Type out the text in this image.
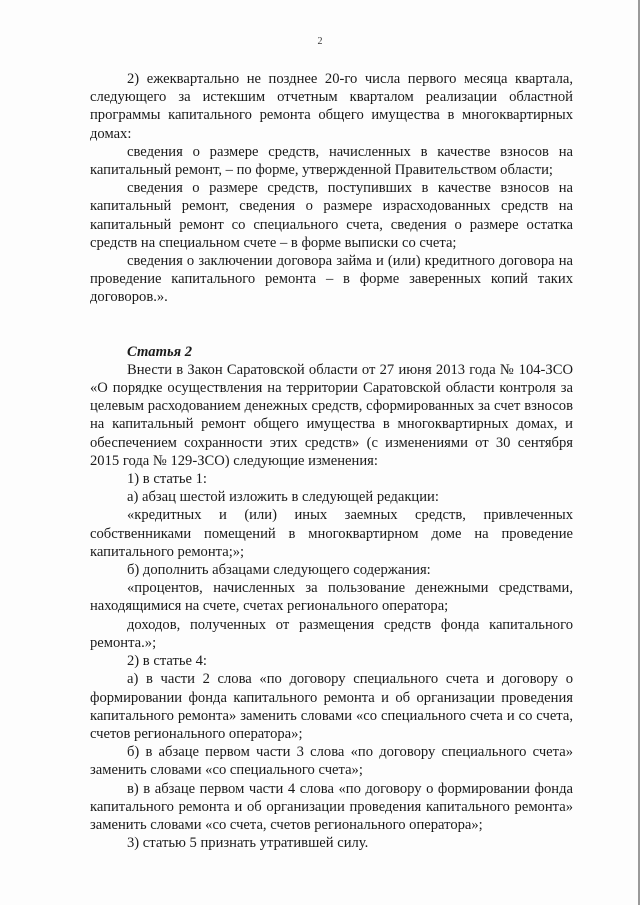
2

2) ежеквартально не позднее 20-го числа первого месяца квартала, следующего за истекшим отчетным кварталом реализации областной программы капитального ремонта общего имущества в многоквартирных домах:

сведения о размере средств, начисленных в качестве взносов на капитальный ремонт, – по форме, утвержденной Правительством области;

сведения о размере средств, поступивших в качестве взносов на капитальный ремонт, сведения о размере израсходованных средств на капитальный ремонт со специального счета, сведения о размере остатка средств на специальном счете – в форме выписки со счета;

сведения о заключении договора займа и (или) кредитного договора на проведение капитального ремонта – в форме заверенных копий таких договоров.».

Статья 2

Внести в Закон Саратовской области от 27 июня 2013 года № 104-ЗСО «О порядке осуществления на территории Саратовской области контроля за целевым расходованием денежных средств, сформированных за счет взносов на капитальный ремонт общего имущества в многоквартирных домах, и обеспечением сохранности этих средств» (с изменениями от 30 сентября 2015 года № 129-ЗСО) следующие изменения:

1) в статье 1:

а) абзац шестой изложить в следующей редакции:

«кредитных и (или) иных заемных средств, привлеченных собственниками помещений в многоквартирном доме на проведение капитального ремонта;»;

б) дополнить абзацами следующего содержания:

«процентов, начисленных за пользование денежными средствами, находящимися на счете, счетах регионального оператора;

доходов, полученных от размещения средств фонда капитального ремонта.»;

2) в статье 4:

а) в части 2 слова «по договору специального счета и договору о формировании фонда капитального ремонта и об организации проведения капитального ремонта» заменить словами «со специального счета и со счета, счетов регионального оператора»;

б) в абзаце первом части 3 слова «по договору специального счета» заменить словами «со специального счета»;

в) в абзаце первом части 4 слова «по договору о формировании фонда капитального ремонта и об организации проведения капитального ремонта» заменить словами «со счета, счетов регионального оператора»;

3) статью 5 признать утратившей силу.
